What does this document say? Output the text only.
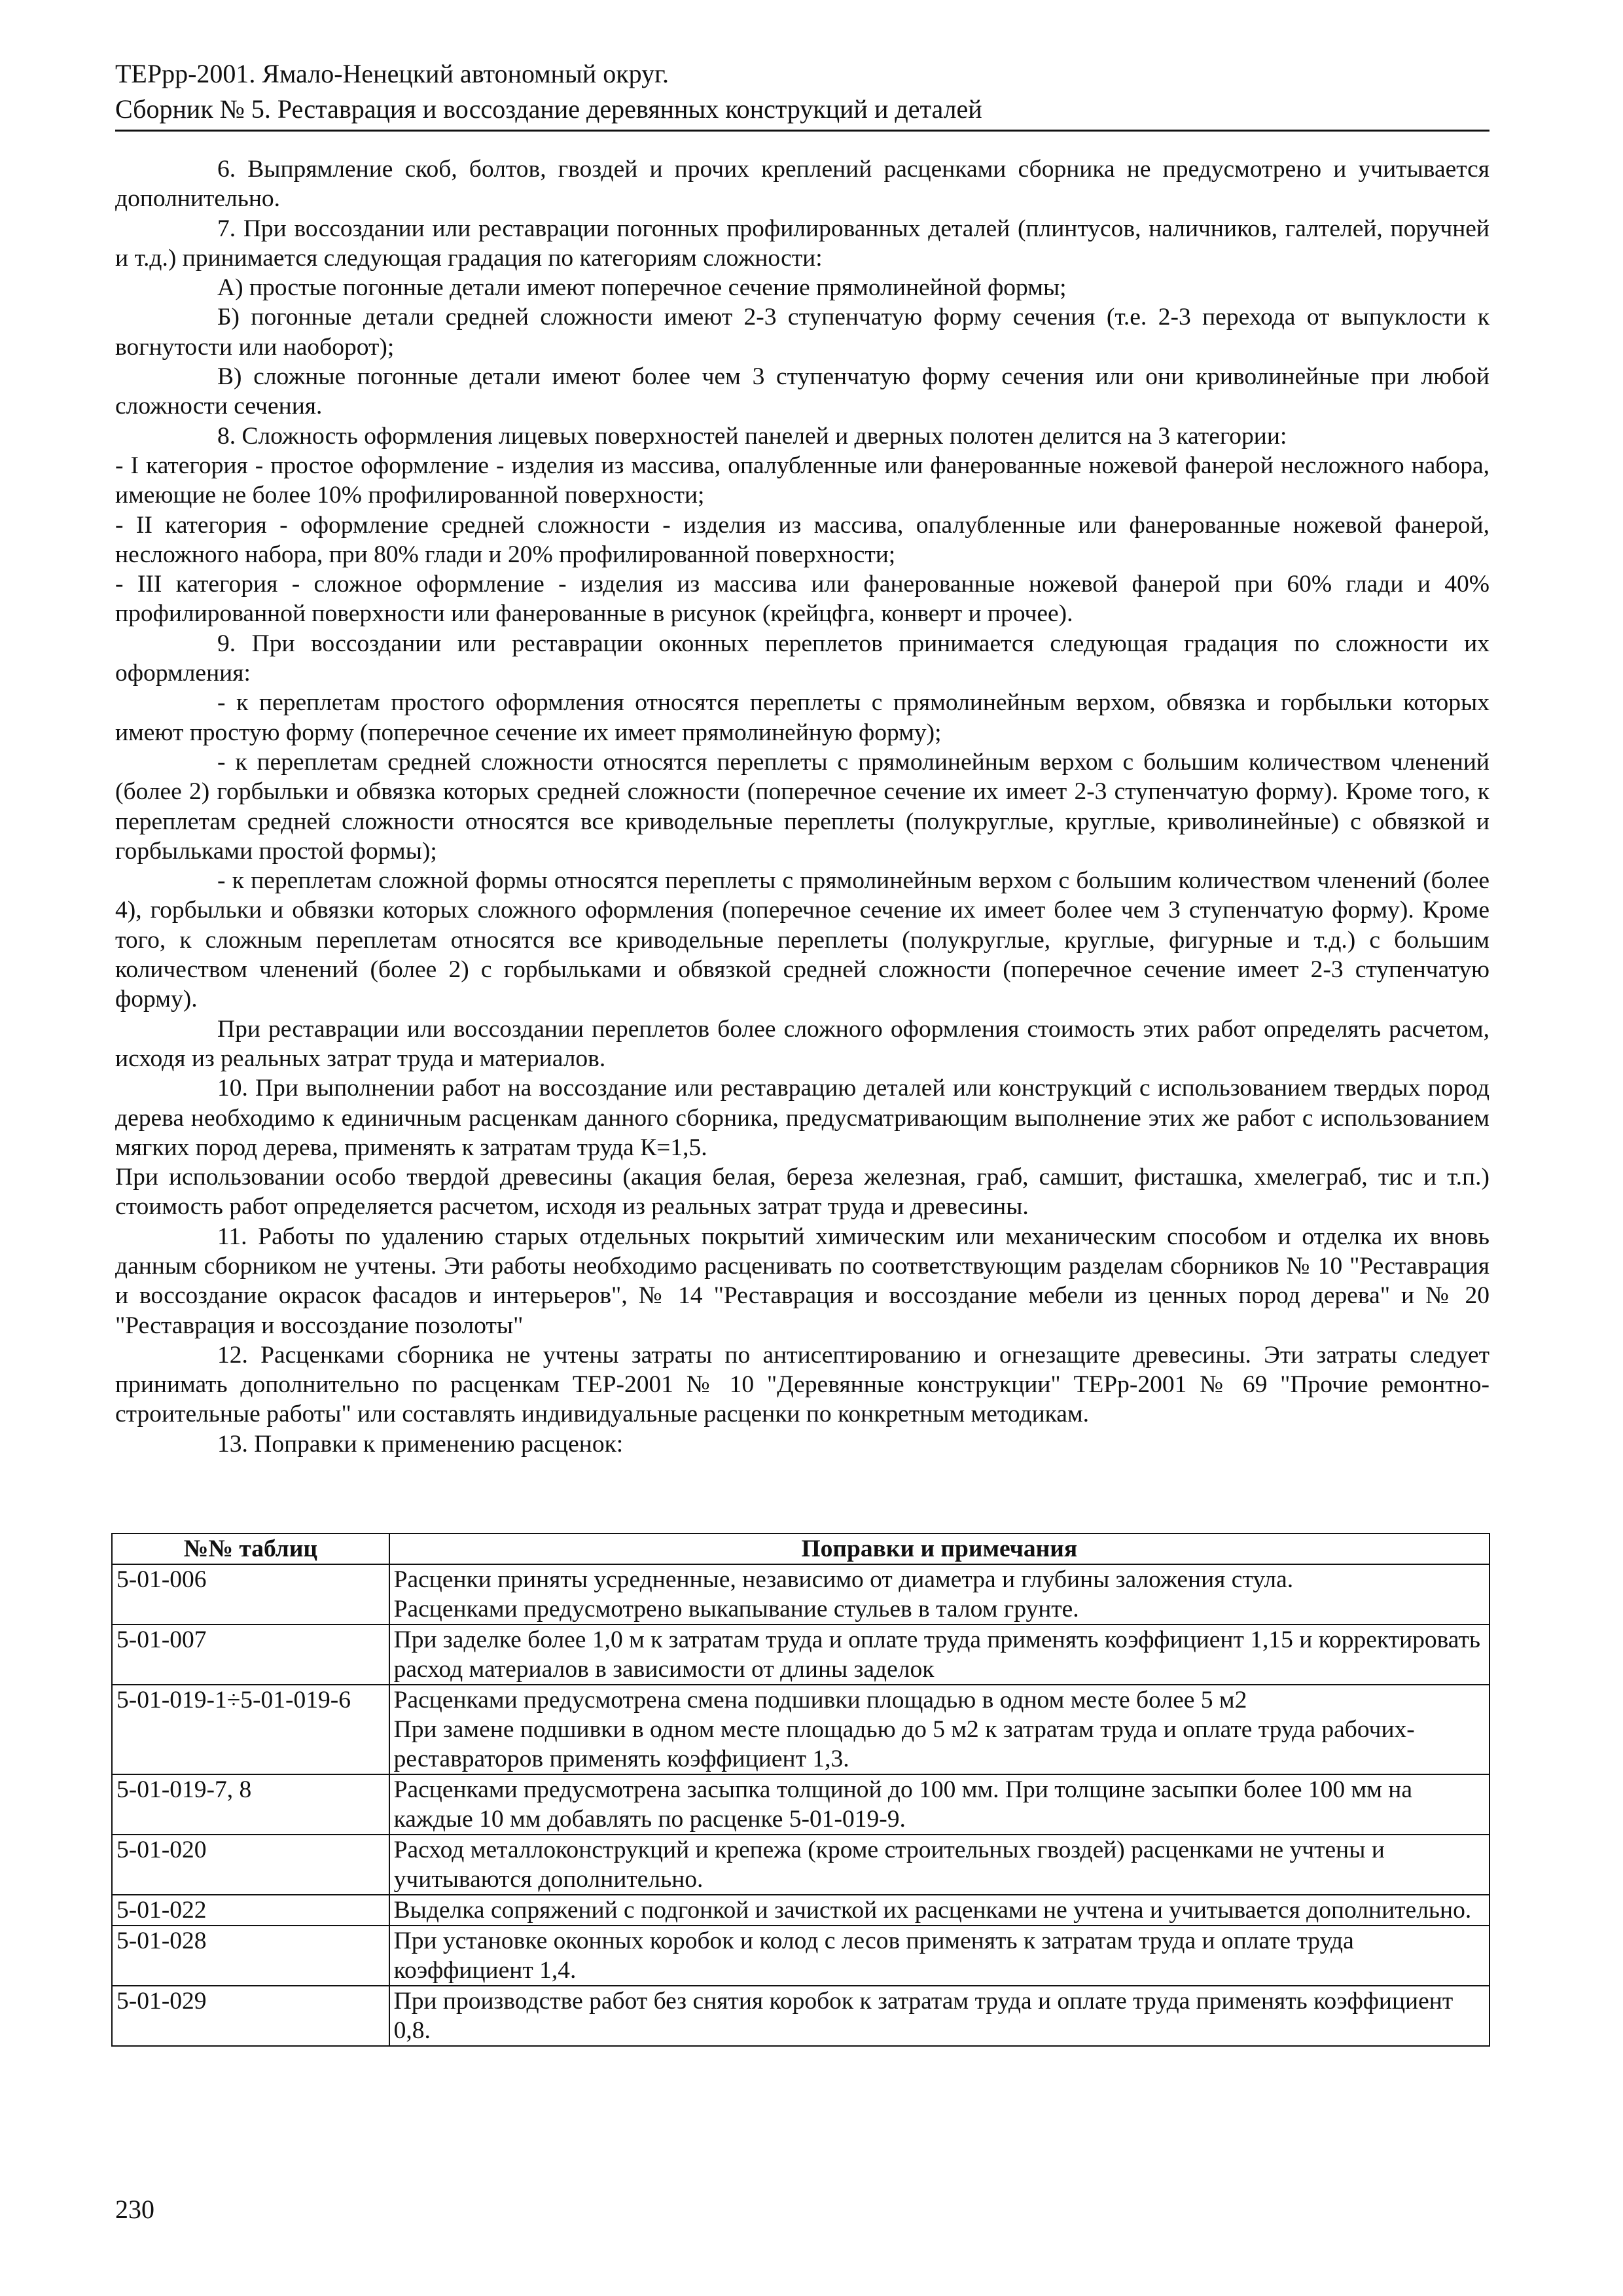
ТЕРрр-2001. Ямало-Ненецкий автономный округ.
Сборник № 5. Реставрация и воссоздание деревянных конструкций и деталей

6. Выпрямление скоб, болтов, гвоздей и прочих креплений расценками сборника не предусмотрено и учитывается дополнительно.

7. При воссоздании или реставрации погонных профилированных деталей (плинтусов, наличников, галтелей, поручней и т.д.) принимается следующая градация по категориям сложности:

А) простые погонные детали имеют поперечное сечение прямолинейной формы;

Б) погонные детали средней сложности имеют 2-3 ступенчатую форму сечения (т.е. 2-3 перехода от выпуклости к вогнутости или наоборот);

В) сложные погонные детали имеют более чем 3 ступенчатую форму сечения или они криволинейные при любой сложности сечения.

8. Сложность оформления лицевых поверхностей панелей и дверных полотен делится на 3 категории:

- I категория - простое оформление - изделия из массива, опалубленные или фанерованные ножевой фанерой несложного набора, имеющие не более 10% профилированной поверхности;

- II категория - оформление средней сложности - изделия из массива, опалубленные или фанерованные ножевой фанерой, несложного набора, при 80% глади и 20% профилированной поверхности;

- III категория - сложное оформление - изделия из массива или фанерованные ножевой фанерой при 60% глади и 40% профилированной поверхности или фанерованные в рисунок (крейцфга, конверт и прочее).

9. При воссоздании или реставрации оконных переплетов принимается следующая градация по сложности их оформления:

- к переплетам простого оформления относятся переплеты с прямолинейным верхом, обвязка и горбыльки которых имеют простую форму (поперечное сечение их имеет прямолинейную форму);

- к переплетам средней сложности относятся переплеты с прямолинейным верхом с большим количеством членений (более 2) горбыльки и обвязка которых средней сложности (поперечное сечение их имеет 2-3 ступенчатую форму). Кроме того, к переплетам средней сложности относятся все криводельные переплеты (полукруглые, круглые, криволинейные) с обвязкой и горбыльками простой формы);

- к переплетам сложной формы относятся переплеты с прямолинейным верхом с большим количеством членений (более 4), горбыльки и обвязки которых сложного оформления (поперечное сечение их имеет более чем 3 ступенчатую форму). Кроме того, к сложным переплетам относятся все криводельные переплеты (полукруглые, круглые, фигурные и т.д.) с большим количеством членений (более 2) с горбыльками и обвязкой средней сложности (поперечное сечение имеет 2-3 ступенчатую форму).

При реставрации или воссоздании переплетов более сложного оформления стоимость этих работ определять расчетом, исходя из реальных затрат труда и материалов.

10. При выполнении работ на воссоздание или реставрацию деталей или конструкций с использованием твердых пород дерева необходимо к единичным расценкам данного сборника, предусматривающим выполнение этих же работ с использованием мягких пород дерева, применять к затратам труда К=1,5.

При использовании особо твердой древесины (акация белая, береза железная, граб, самшит, фисташка, хмелеграб, тис и т.п.) стоимость работ определяется расчетом, исходя из реальных затрат труда и древесины.

11. Работы по удалению старых отдельных покрытий химическим или механическим способом и отделка их вновь данным сборником не учтены. Эти работы необходимо расценивать по соответствующим разделам сборников № 10 "Реставрация и воссоздание окрасок фасадов и интерьеров", № 14 "Реставрация и воссоздание мебели из ценных пород дерева" и № 20 "Реставрация и воссоздание позолоты"

12. Расценками сборника не учтены затраты по антисептированию и огнезащите древесины. Эти затраты следует принимать дополнительно по расценкам ТЕР-2001 № 10 "Деревянные конструкции" ТЕРр-2001 № 69 "Прочие ремонтно-строительные работы" или составлять индивидуальные расценки по конкретным методикам.

13. Поправки к применению расценок:

№№ таблиц	Поправки и примечания
5-01-006	Расценки приняты усредненные, независимо от диаметра и глубины заложения стула.
Расценками предусмотрено выкапывание стульев в талом грунте.

5-01-007	При заделке более 1,0 м к затратам труда и оплате труда применять коэффициент 1,15 и корректировать расход материалов в зависимости от длины заделок

5-01-019-1÷5-01-019-6	Расценками предусмотрена смена подшивки площадью в одном месте более 5 м2
При замене подшивки в одном месте площадью до 5 м2 к затратам труда и оплате труда рабочих-реставраторов применять коэффициент 1,3.

5-01-019-7, 8	Расценками предусмотрена засыпка толщиной до 100 мм. При толщине засыпки более 100 мм на каждые 10 мм добавлять по расценке 5-01-019-9.

5-01-020	Расход металлоконструкций и крепежа (кроме строительных гвоздей) расценками не учтены и учитываются дополнительно.

5-01-022	Выделка сопряжений с подгонкой и зачисткой их расценками не учтена и учитывается дополнительно.

5-01-028	При установке оконных коробок и колод с лесов применять к затратам труда и оплате труда коэффициент 1,4.

5-01-029	При производстве работ без снятия коробок к затратам труда и оплате труда применять коэффициент 0,8.
230
